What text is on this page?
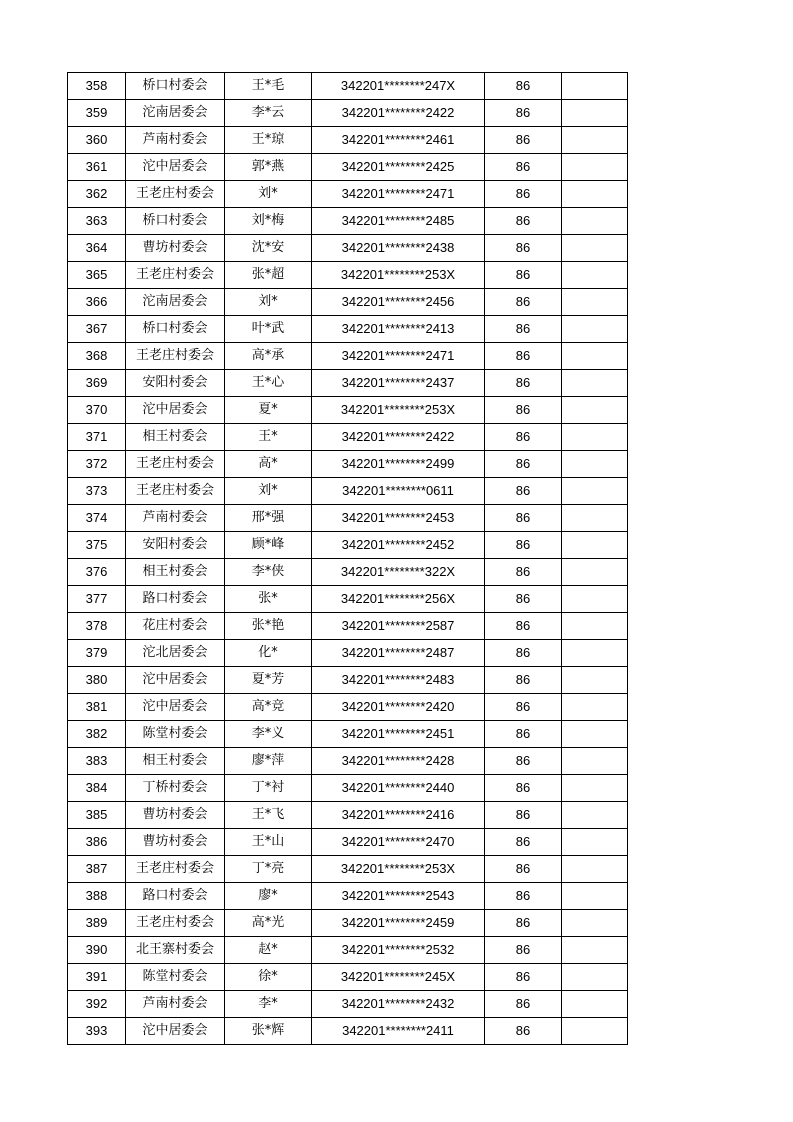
358	桥口村委会	王*毛	342201********247X	86	
359	沱南居委会	李*云	342201********2422	86	
360	芦南村委会	王*琼	342201********2461	86	
361	沱中居委会	郭*燕	342201********2425	86	
362	王老庄村委会	刘*	342201********2471	86	
363	桥口村委会	刘*梅	342201********2485	86	
364	曹坊村委会	沈*安	342201********2438	86	
365	王老庄村委会	张*超	342201********253X	86	
366	沱南居委会	刘*	342201********2456	86	
367	桥口村委会	叶*武	342201********2413	86	
368	王老庄村委会	高*承	342201********2471	86	
369	安阳村委会	王*心	342201********2437	86	
370	沱中居委会	夏*	342201********253X	86	
371	相王村委会	王*	342201********2422	86	
372	王老庄村委会	高*	342201********2499	86	
373	王老庄村委会	刘*	342201********0611	86	
374	芦南村委会	邢*强	342201********2453	86	
375	安阳村委会	顾*峰	342201********2452	86	
376	相王村委会	李*侠	342201********322X	86	
377	路口村委会	张*	342201********256X	86	
378	花庄村委会	张*艳	342201********2587	86	
379	沱北居委会	化*	342201********2487	86	
380	沱中居委会	夏*芳	342201********2483	86	
381	沱中居委会	高*竞	342201********2420	86	
382	陈堂村委会	李*义	342201********2451	86	
383	相王村委会	廖*萍	342201********2428	86	
384	丁桥村委会	丁*衬	342201********2440	86	
385	曹坊村委会	王*飞	342201********2416	86	
386	曹坊村委会	王*山	342201********2470	86	
387	王老庄村委会	丁*亮	342201********253X	86	
388	路口村委会	廖*	342201********2543	86	
389	王老庄村委会	高*光	342201********2459	86	
390	北王寨村委会	赵*	342201********2532	86	
391	陈堂村委会	徐*	342201********245X	86	
392	芦南村委会	李*	342201********2432	86	
393	沱中居委会	张*辉	342201********2411	86	
